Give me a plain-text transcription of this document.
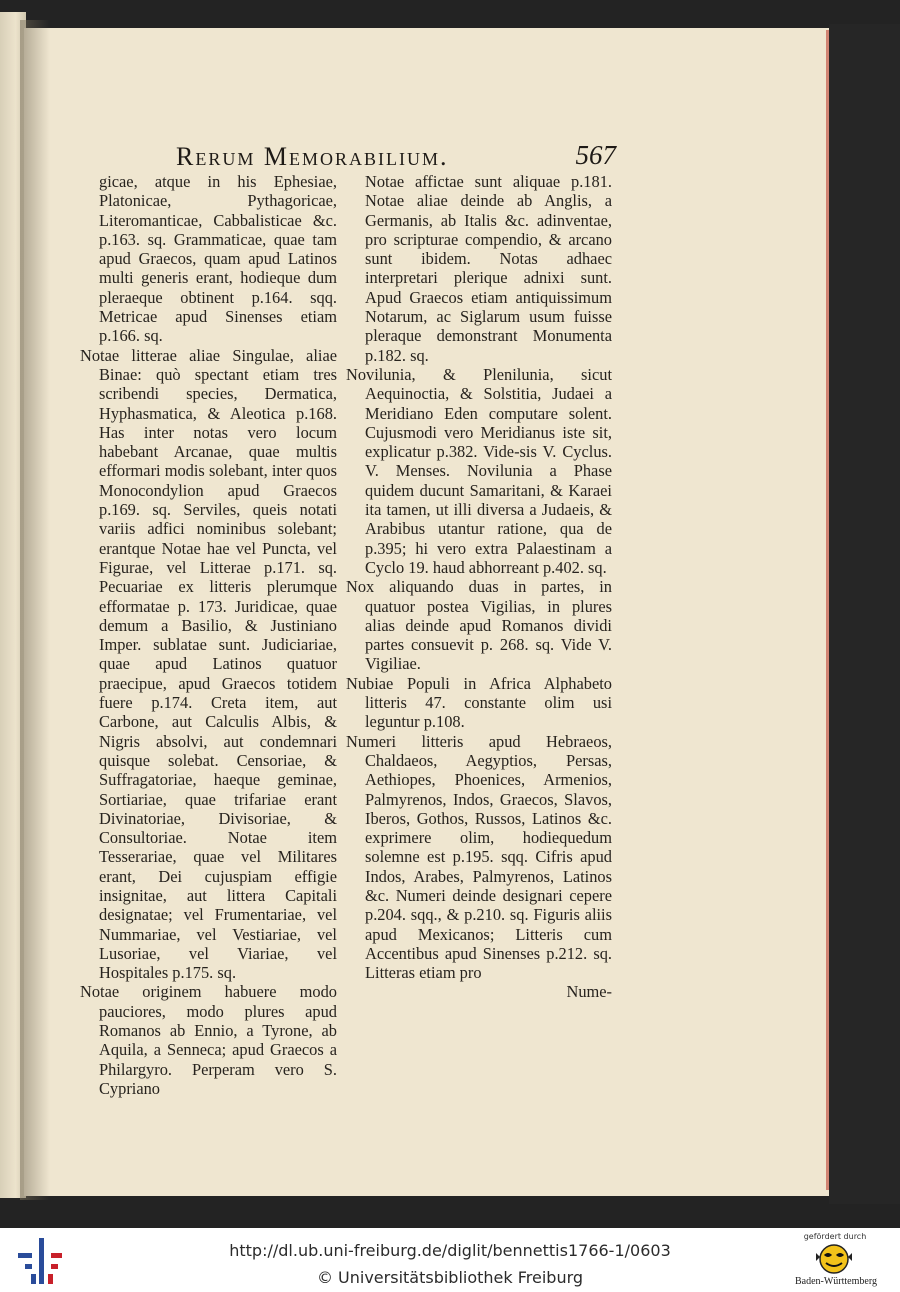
Rerum Memorabilium.	567

gicae, atque in his Ephesiae, Platonicae, Pythagoricae, Literomanticae, Cabbalisticae &c. p.163. sq. Grammaticae, quae tam apud Graecos, quam apud Latinos multi generis erant, hodieque dum pleraeque obtinent p.164. sqq. Metricae apud Sinenses etiam p.166. sq.

Notae litterae aliae Singulae, aliae Binae: quò spectant etiam tres scribendi species, Dermatica, Hyphasmatica, & Aleotica p.168. Has inter notas vero locum habebant Arcanae, quae multis efformari modis solebant, inter quos Monocondylion apud Graecos p.169. sq. Serviles, queis notati variis adfici nominibus solebant; erantque Notae hae vel Puncta, vel Figurae, vel Litterae p.171. sq. Pecuariae ex litteris plerumque efformatae p. 173. Juridicae, quae demum a Basilio, & Justiniano Imper. sublatae sunt. Judiciariae, quae apud Latinos quatuor praecipue, apud Graecos totidem fuere p.174. Creta item, aut Carbone, aut Calculis Albis, & Nigris absolvi, aut condemnari quisque solebat. Censoriae, & Suffragatoriae, haeque geminae, Sortiariae, quae trifariae erant Divinatoriae, Divisoriae, & Consultoriae. Notae item Tesserariae, quae vel Militares erant, Dei cujuspiam effigie insignitae, aut littera Capitali designatae; vel Frumentariae, vel Nummariae, vel Vestiariae, vel Lusoriae, vel Viariae, vel Hospitales p.175. sq.

Notae originem habuere modo pauciores, modo plures apud Romanos ab Ennio, a Tyrone, ab Aquila, a Senneca; apud Graecos a Philargyro. Perperam vero S. Cypriano

Notae affictae sunt aliquae p.181. Notae aliae deinde ab Anglis, a Germanis, ab Italis &c. adinventae, pro scripturae compendio, & arcano sunt ibidem. Notas adhaec interpretari plerique adnixi sunt. Apud Graecos etiam antiquissimum Notarum, ac Siglarum usum fuisse pleraque demonstrant Monumenta p.182. sq.

Novilunia, & Plenilunia, sicut Aequinoctia, & Solstitia, Judaei a Meridiano Eden computare solent. Cujusmodi vero Meridianus iste sit, explicatur p.382. Vide-sis V. Cyclus. V. Menses. Novilunia a Phase quidem ducunt Samaritani, & Karaei ita tamen, ut illi diversa a Judaeis, & Arabibus utantur ratione, qua de p.395; hi vero extra Palaestinam a Cyclo 19. haud abhorreant p.402. sq.

Nox aliquando duas in partes, in quatuor postea Vigilias, in plures alias deinde apud Romanos dividi partes consuevit p. 268. sq. Vide V. Vigiliae.

Nubiae Populi in Africa Alphabeto litteris 47. constante olim usi leguntur p.108.

Numeri litteris apud Hebraeos, Chaldaeos, Aegyptios, Persas, Aethiopes, Phoenices, Armenios, Palmyrenos, Indos, Graecos, Slavos, Iberos, Gothos, Russos, Latinos &c. exprimere olim, hodiequedum solemne est p.195. sqq. Cifris apud Indos, Arabes, Palmyrenos, Latinos &c. Numeri deinde designari cepere p.204. sqq., & p.210. sq. Figuris aliis apud Mexicanos; Litteris cum Accentibus apud Sinenses p.212. sq. Litteras etiam pro

Nume-

http://dl.ub.uni-freiburg.de/diglit/bennettis1766-1/0603
© Universitätsbibliothek Freiburg
gefördert durch
Baden-Württemberg
